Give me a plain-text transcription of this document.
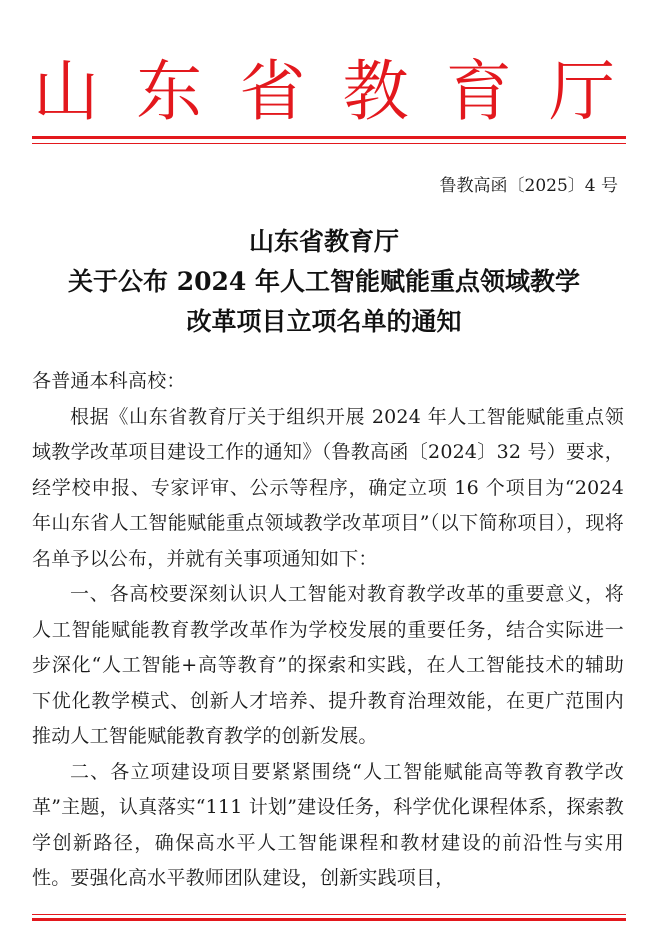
山 东 省 教 育 厅
鲁教高函〔2025〕4 号
山东省教育厅
关于公布 2024 年人工智能赋能重点领域教学
改革项目立项名单的通知

各普通本科高校：

根据《山东省教育厅关于组织开展 2024 年人工智能赋能重点领域教学改革项目建设工作的通知》（鲁教高函〔2024〕32 号）要求，经学校申报、专家评审、公示等程序，确定立项 16 个项目为“2024 年山东省人工智能赋能重点领域教学改革项目”（以下简称项目），现将名单予以公布，并就有关事项通知如下：

一、各高校要深刻认识人工智能对教育教学改革的重要意义，将人工智能赋能教育教学改革作为学校发展的重要任务，结合实际进一步深化“人工智能+高等教育”的探索和实践，在人工智能技术的辅助下优化教学模式、创新人才培养、提升教育治理效能，在更广范围内推动人工智能赋能教育教学的创新发展。

二、各立项建设项目要紧紧围绕“人工智能赋能高等教育教学改革”主题，认真落实“111 计划”建设任务，科学优化课程体系，探索教学创新路径，确保高水平人工智能课程和教材建设的前沿性与实用性。要强化高水平教师团队建设，创新实践项目，
